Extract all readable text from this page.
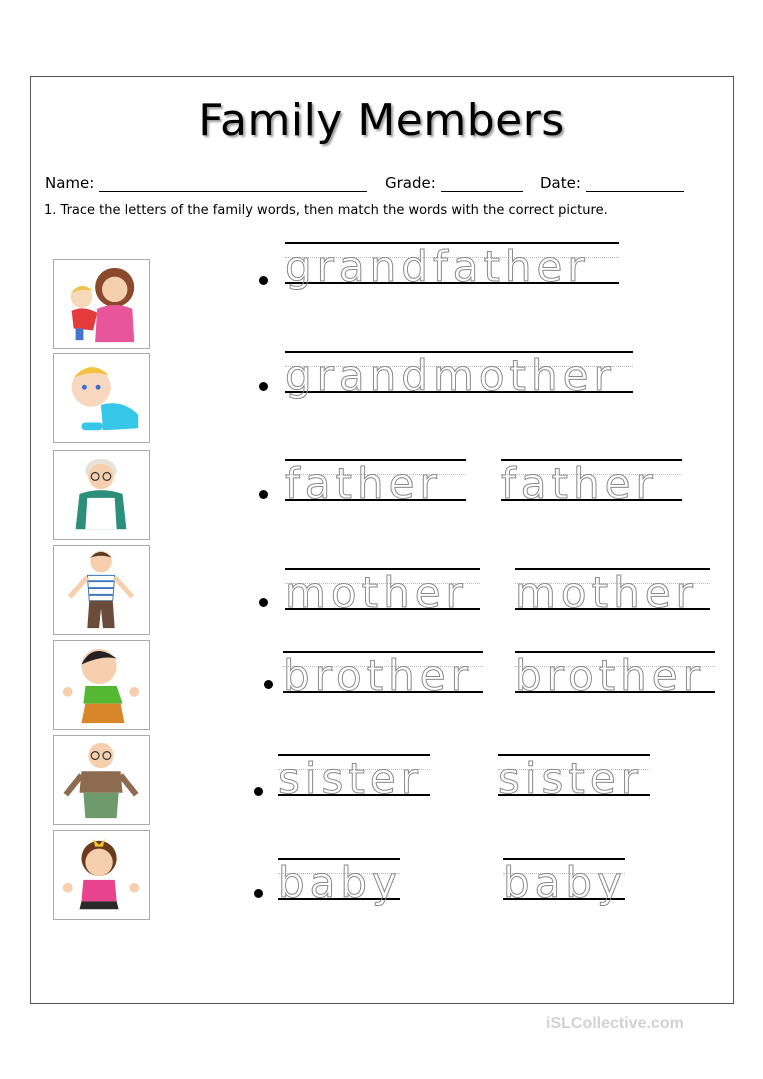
Family Members
Name:	Grade:	Date:
1. Trace the letters of the family words, then match the words with the correct picture.
grandfather
grandmother
father father
mother mother
brother brother
sister sister
baby baby
iSLCollective.com
